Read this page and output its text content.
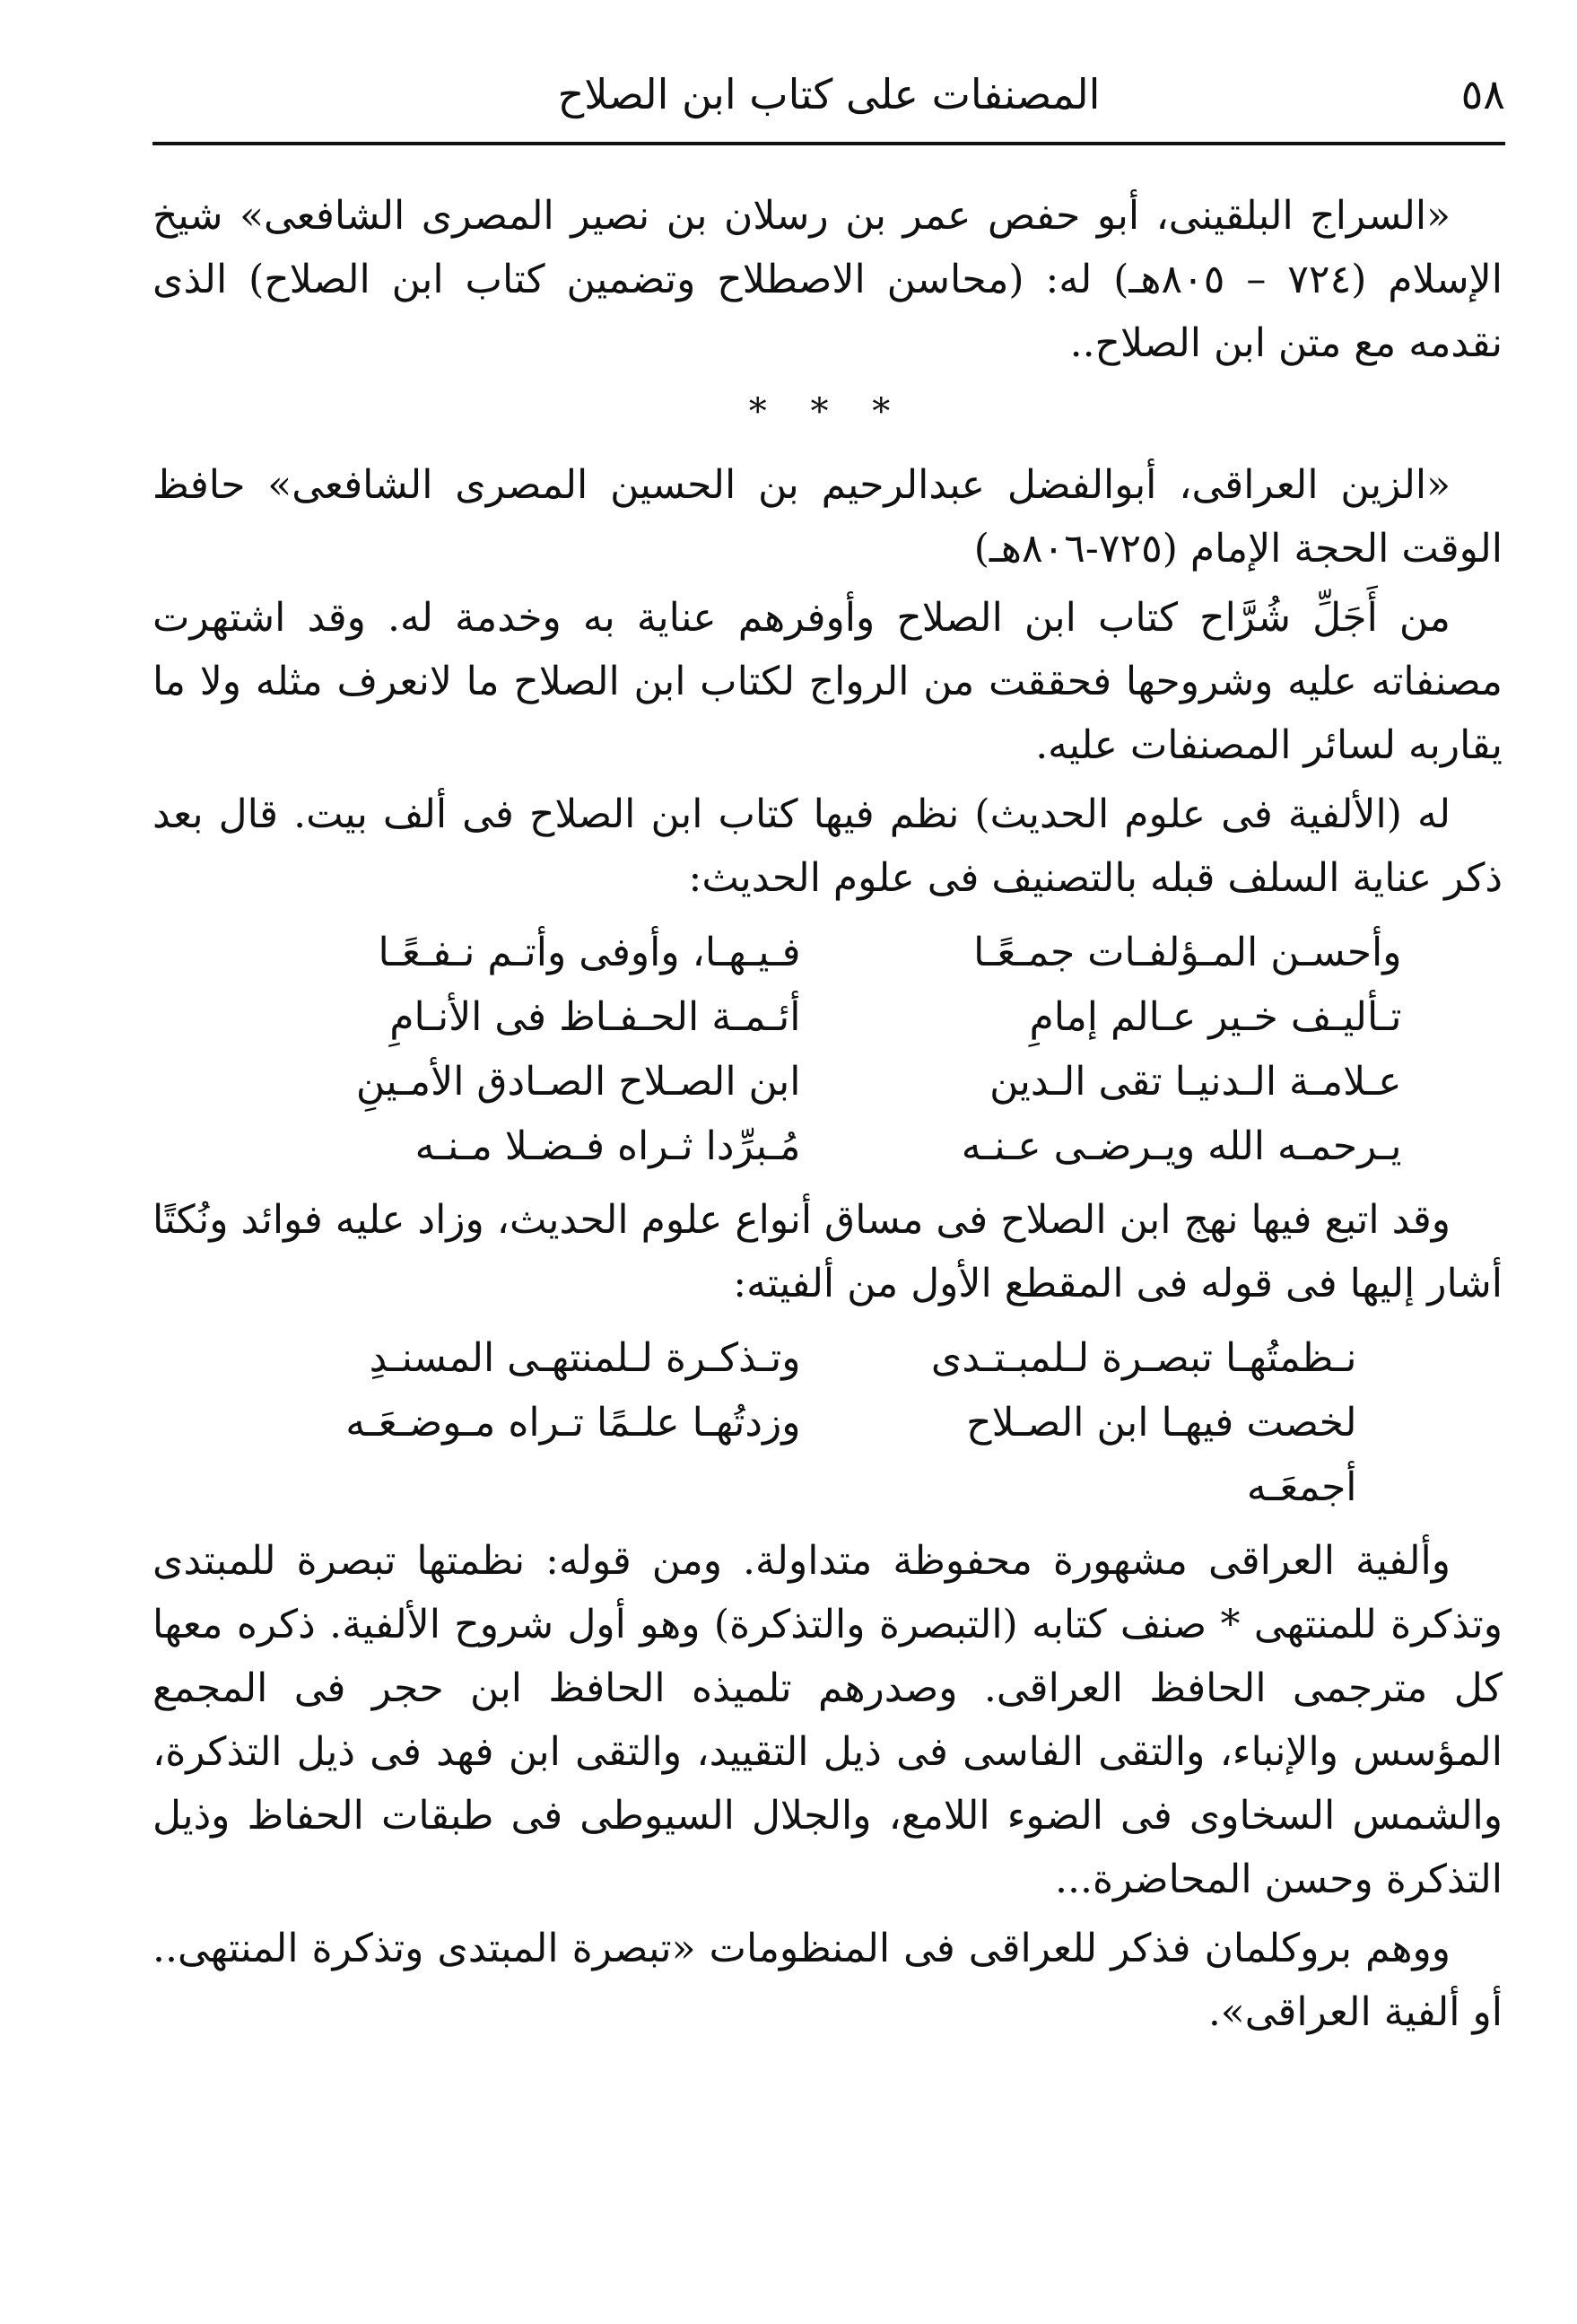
٥٨
المصنفات على كتاب ابن الصلاح

«السراج البلقينى، أبو حفص عمر بن رسلان بن نصير المصرى الشافعى» شيخ الإسلام (٧٢٤ – ٨٠٥هـ) له: (محاسن الاصطلاح وتضمين كتاب ابن الصلاح) الذى نقدمه مع متن ابن الصلاح..

* * *

«الزين العراقى، أبوالفضل عبدالرحيم بن الحسين المصرى الشافعى» حافظ الوقت الحجة الإمام (٧٢٥-٨٠٦هـ)

من أَجَلِّ شُرَّاح كتاب ابن الصلاح وأوفرهم عناية به وخدمة له. وقد اشتهرت مصنفاته عليه وشروحها فحققت من الرواج لكتاب ابن الصلاح ما لانعرف مثله ولا ما يقاربه لسائر المصنفات عليه.

له (الألفية فى علوم الحديث) نظم فيها كتاب ابن الصلاح فى ألف بيت. قال بعد ذكر عناية السلف قبله بالتصنيف فى علوم الحديث:

وأحسـن المـؤلفـات جمـعًـا
فـيـهـا، وأوفى وأتـم نـفـعًـا
تـأليـف خـير عـالم إمامِ
أئـمـة الحـفـاظ فى الأنـامِ
عـلامـة الـدنيـا تقى الـدين
ابن الصـلاح الصـادق الأمـينِ
يـرحمـه الله ويـرضـى عـنـه
مُـبرِّدا ثـراه فـضـلا مـنـه

وقد اتبع فيها نهج ابن الصلاح فى مساق أنواع علوم الحديث، وزاد عليه فوائد ونُكتًا أشار إليها فى قوله فى المقطع الأول من ألفيته:

نـظمتُهـا تبصـرة لـلمبـتـدى
وتـذكـرة لـلمنتهـى المسنـدِ
لخصت فيهـا ابن الصـلاح أجمعَـه
وزدتُهـا علـمًا تـراه مـوضـعَـه

وألفية العراقى مشهورة محفوظة متداولة. ومن قوله: نظمتها تبصرة للمبتدى وتذكرة للمنتهى * صنف كتابه (التبصرة والتذكرة) وهو أول شروح الألفية. ذكره معها كل مترجمى الحافظ العراقى. وصدرهم تلميذه الحافظ ابن حجر فى المجمع المؤسس والإنباء، والتقى الفاسى فى ذيل التقييد، والتقى ابن فهد فى ذيل التذكرة، والشمس السخاوى فى الضوء اللامع، والجلال السيوطى فى طبقات الحفاظ وذيل التذكرة وحسن المحاضرة...

ووهم بروكلمان فذكر للعراقى فى المنظومات «تبصرة المبتدى وتذكرة المنتهى.. أو ألفية العراقى».
